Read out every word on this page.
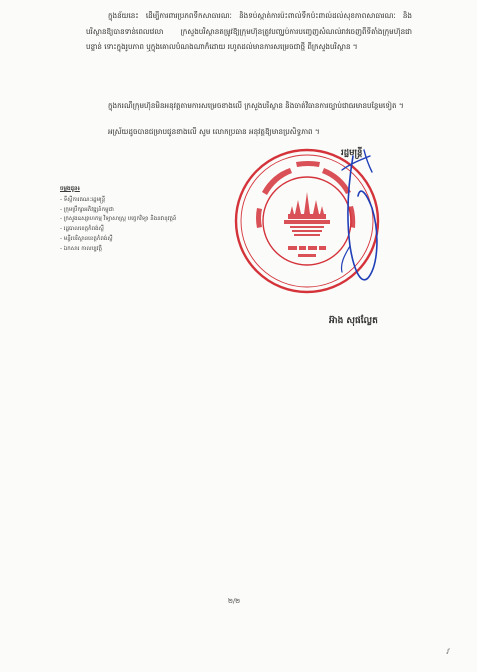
ក្នុងន័យនេះ ដើម្បីការពារប្រភពទឹកសាធារណៈ និងទប់ស្កាត់ការប៉ះពាល់ទឹកប៉ះពាល់ដល់សុខភាពសាធារណៈ និងបរិស្ថានឱ្យបានទាន់ពេលវេលា ក្រសួងបរិស្ថានតម្រូវឱ្យក្រុមហ៊ុនត្រូវបញ្ឈប់ការបញ្ចេញសំណល់រាវចេញពីទីតាំងក្រុមហ៊ុនជាបន្ទាន់ ទោះក្នុងរូបភាព ឬក្នុងគោលបំណងណាក៏ដោយ រហូតដល់មានការសម្រេចជាថ្មី ពីក្រសួងបរិស្ថាន ។
ក្នុងករណីក្រុមហ៊ុនមិនអនុវត្តតាមការសម្រេចខាងលើ ក្រសួងបរិស្ថាន និងចាត់វិធានការច្បាប់ជាធរមានបន្ថែមទៀត ។
អស្រ័យដូចបានជម្រាបជូនខាងលើ សូម លោកប្រធាន អនុវត្តឱ្យមានប្រសិទ្ធភាព ។
រដ្ឋមន្ត្រី
ចម្លងជូន៖
- ទីស្តីការគណៈរដ្ឋមន្ត្រី
- ក្រុមប្រឹក្សាអភិវឌ្ឍន៍កម្ពុជា
- ក្រសួងឧស្សាហកម្ម វិទ្យាសាស្ត្រ បច្ចេកវិទ្យា និងនវានុវត្តន៍
- រដ្ឋបាលខេត្តកំពង់ស្ពឺ
- មន្ទីរបរិស្ថានខេត្តកំពង់ស្ពឺ
- ឯកសារ កាលប្បវត្តិ
អ៊ាង សុផល្លែត
២/២
វ
